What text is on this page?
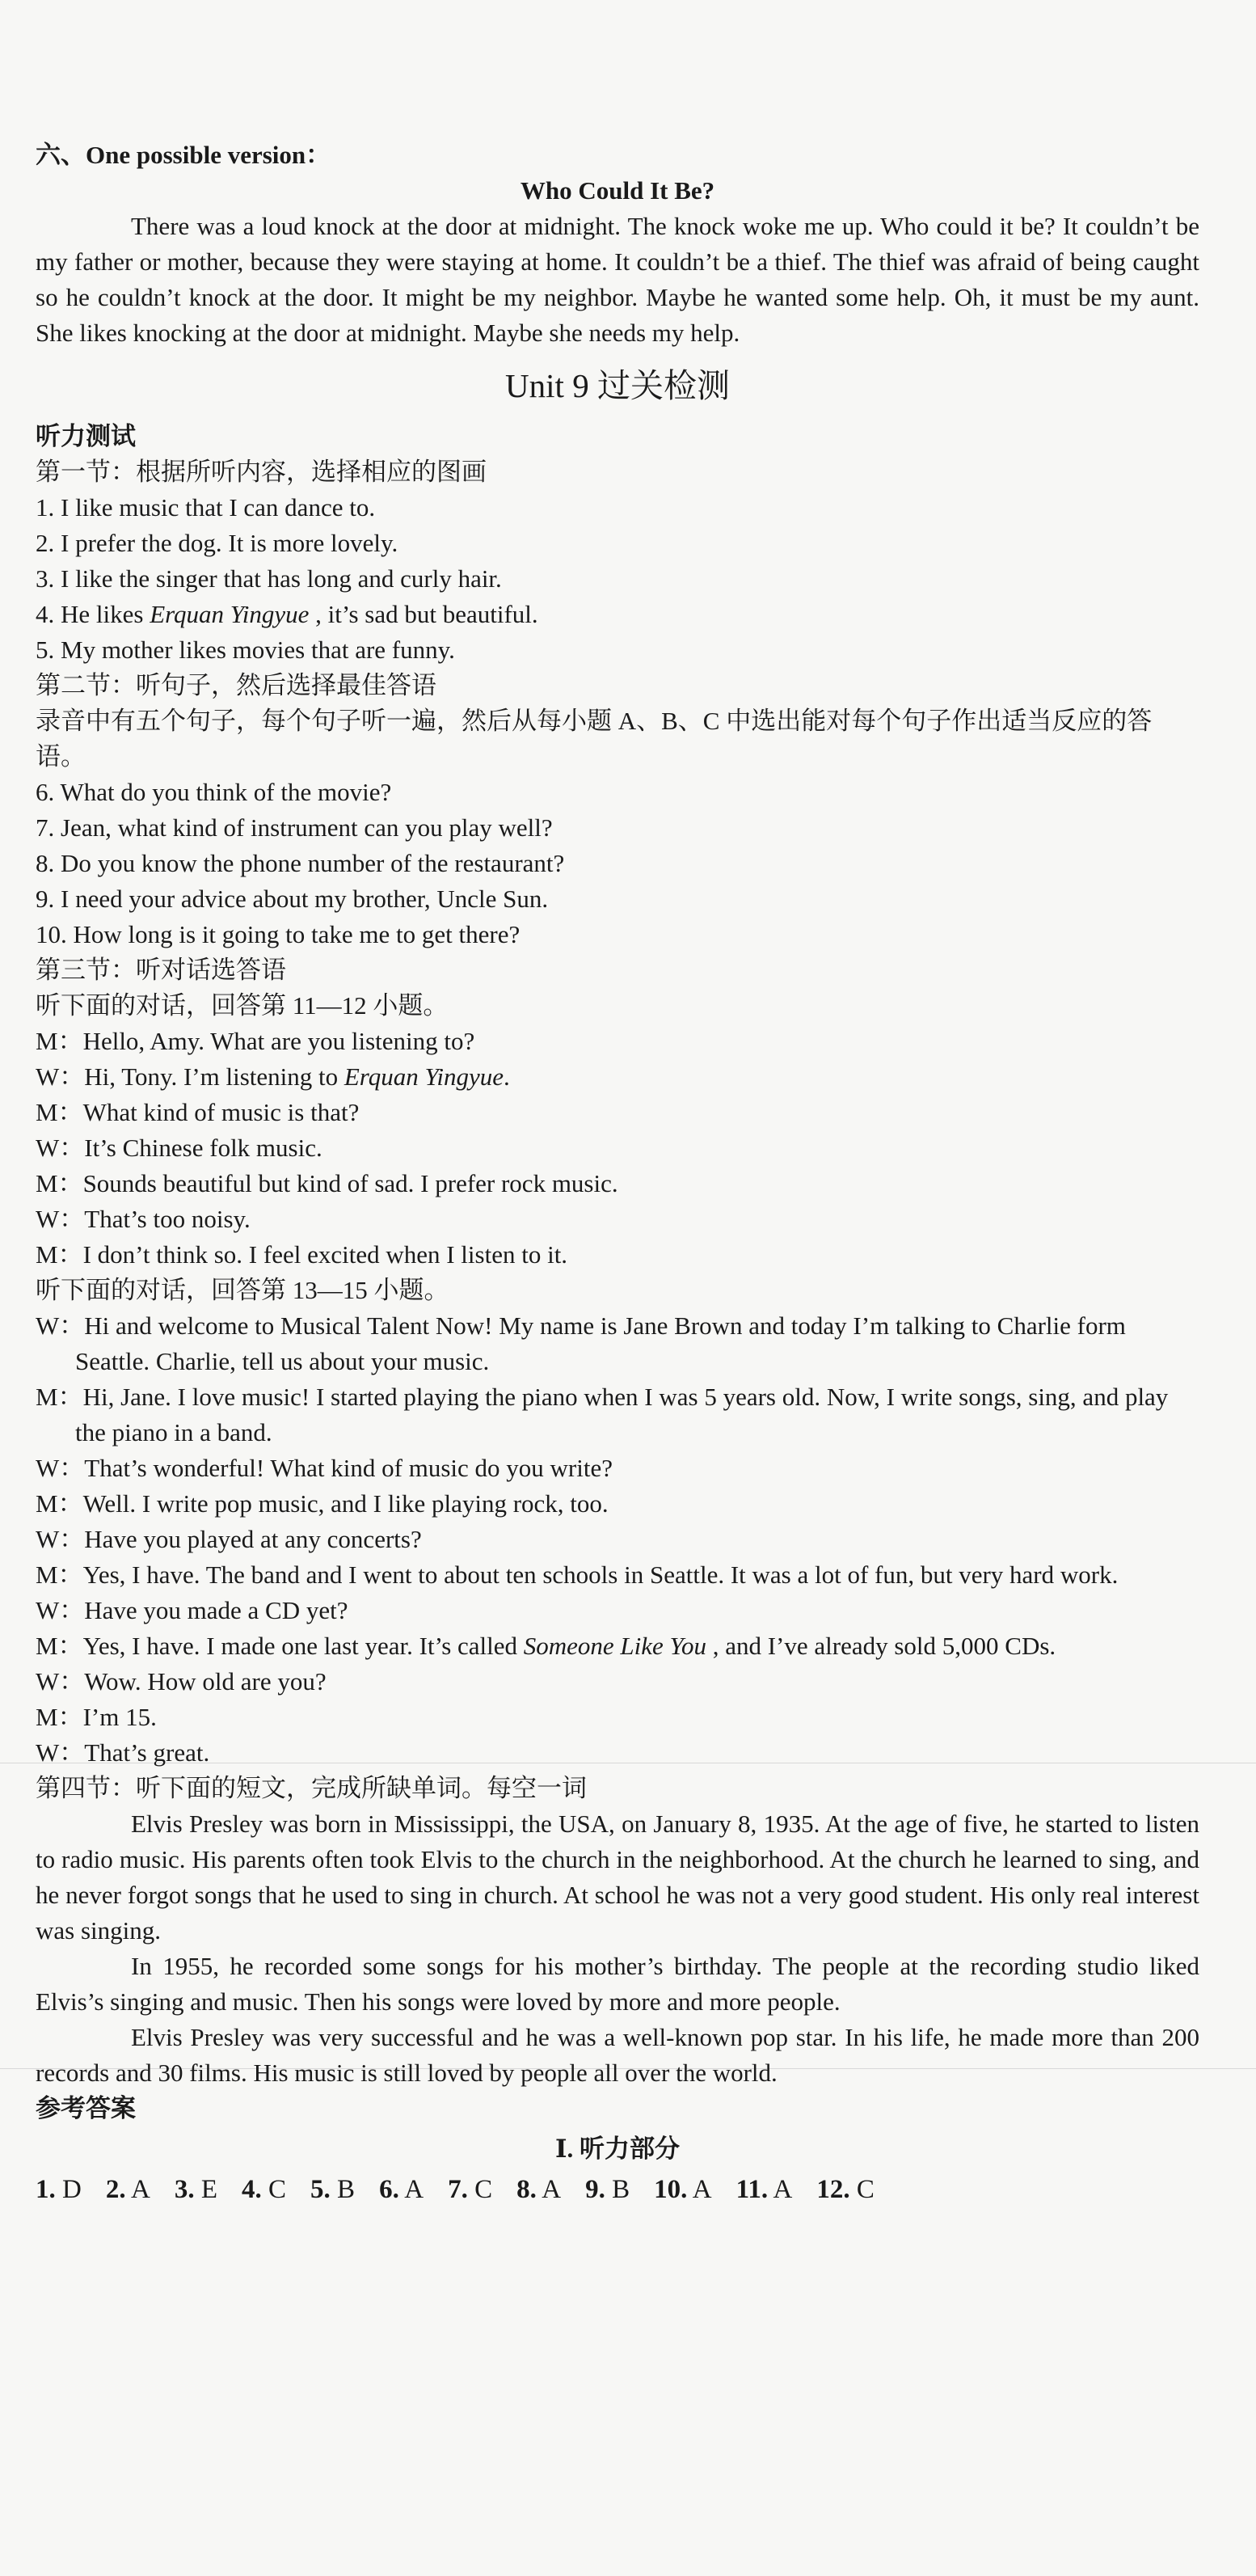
六、One possible version：
Who Could It Be?
There was a loud knock at the door at midnight. The knock woke me up. Who could it be? It couldn’t be my father or mother, because they were staying at home. It couldn’t be a thief. The thief was afraid of being caught so he couldn’t knock at the door. It might be my neighbor. Maybe he wanted some help. Oh, it must be my aunt. She likes knocking at the door at midnight. Maybe she needs my help.
Unit 9 过关检测
听力测试
第一节：根据所听内容，选择相应的图画
1. I like music that I can dance to.
2. I prefer the dog. It is more lovely.
3. I like the singer that has long and curly hair.
4. He likes Erquan Yingyue , it’s sad but beautiful.
5. My mother likes movies that are funny.
第二节：听句子，然后选择最佳答语
录音中有五个句子，每个句子听一遍，然后从每小题 A、B、C 中选出能对每个句子作出适当反应的答语。
6. What do you think of the movie?
7. Jean, what kind of instrument can you play well?
8. Do you know the phone number of the restaurant?
9. I need your advice about my brother, Uncle Sun.
10. How long is it going to take me to get there?
第三节：听对话选答语
听下面的对话，回答第 11—12 小题。
M：Hello, Amy. What are you listening to?
W：Hi, Tony. I’m listening to Erquan Yingyue.
M：What kind of music is that?
W：It’s Chinese folk music.
M：Sounds beautiful but kind of sad. I prefer rock music.
W：That’s too noisy.
M：I don’t think so. I feel excited when I listen to it.
听下面的对话，回答第 13—15 小题。
W：Hi and welcome to Musical Talent Now! My name is Jane Brown and today I’m talking to Charlie form Seattle. Charlie, tell us about your music.
M：Hi, Jane. I love music! I started playing the piano when I was 5 years old. Now, I write songs, sing, and play the piano in a band.
W：That’s wonderful! What kind of music do you write?
M：Well. I write pop music, and I like playing rock, too.
W：Have you played at any concerts?
M：Yes, I have. The band and I went to about ten schools in Seattle. It was a lot of fun, but very hard work.
W：Have you made a CD yet?
M：Yes, I have. I made one last year. It’s called Someone Like You , and I’ve already sold 5,000 CDs.
W：Wow. How old are you?
M：I’m 15.
W：That’s great.
第四节：听下面的短文，完成所缺单词。每空一词
Elvis Presley was born in Mississippi, the USA, on January 8, 1935. At the age of five, he started to listen to radio music. His parents often took Elvis to the church in the neighborhood. At the church he learned to sing, and he never forgot songs that he used to sing in church. At school he was not a very good student. His only real interest was singing.
In 1955, he recorded some songs for his mother’s birthday. The people at the recording studio liked Elvis’s singing and music. Then his songs were loved by more and more people.
Elvis Presley was very successful and he was a well-known pop star. In his life, he made more than 200 records and 30 films. His music is still loved by people all over the world.
参考答案
Ⅰ. 听力部分
1. D 2. A 3. E 4. C 5. B 6. A 7. C 8. A 9. B 10. A 11. A 12. C
